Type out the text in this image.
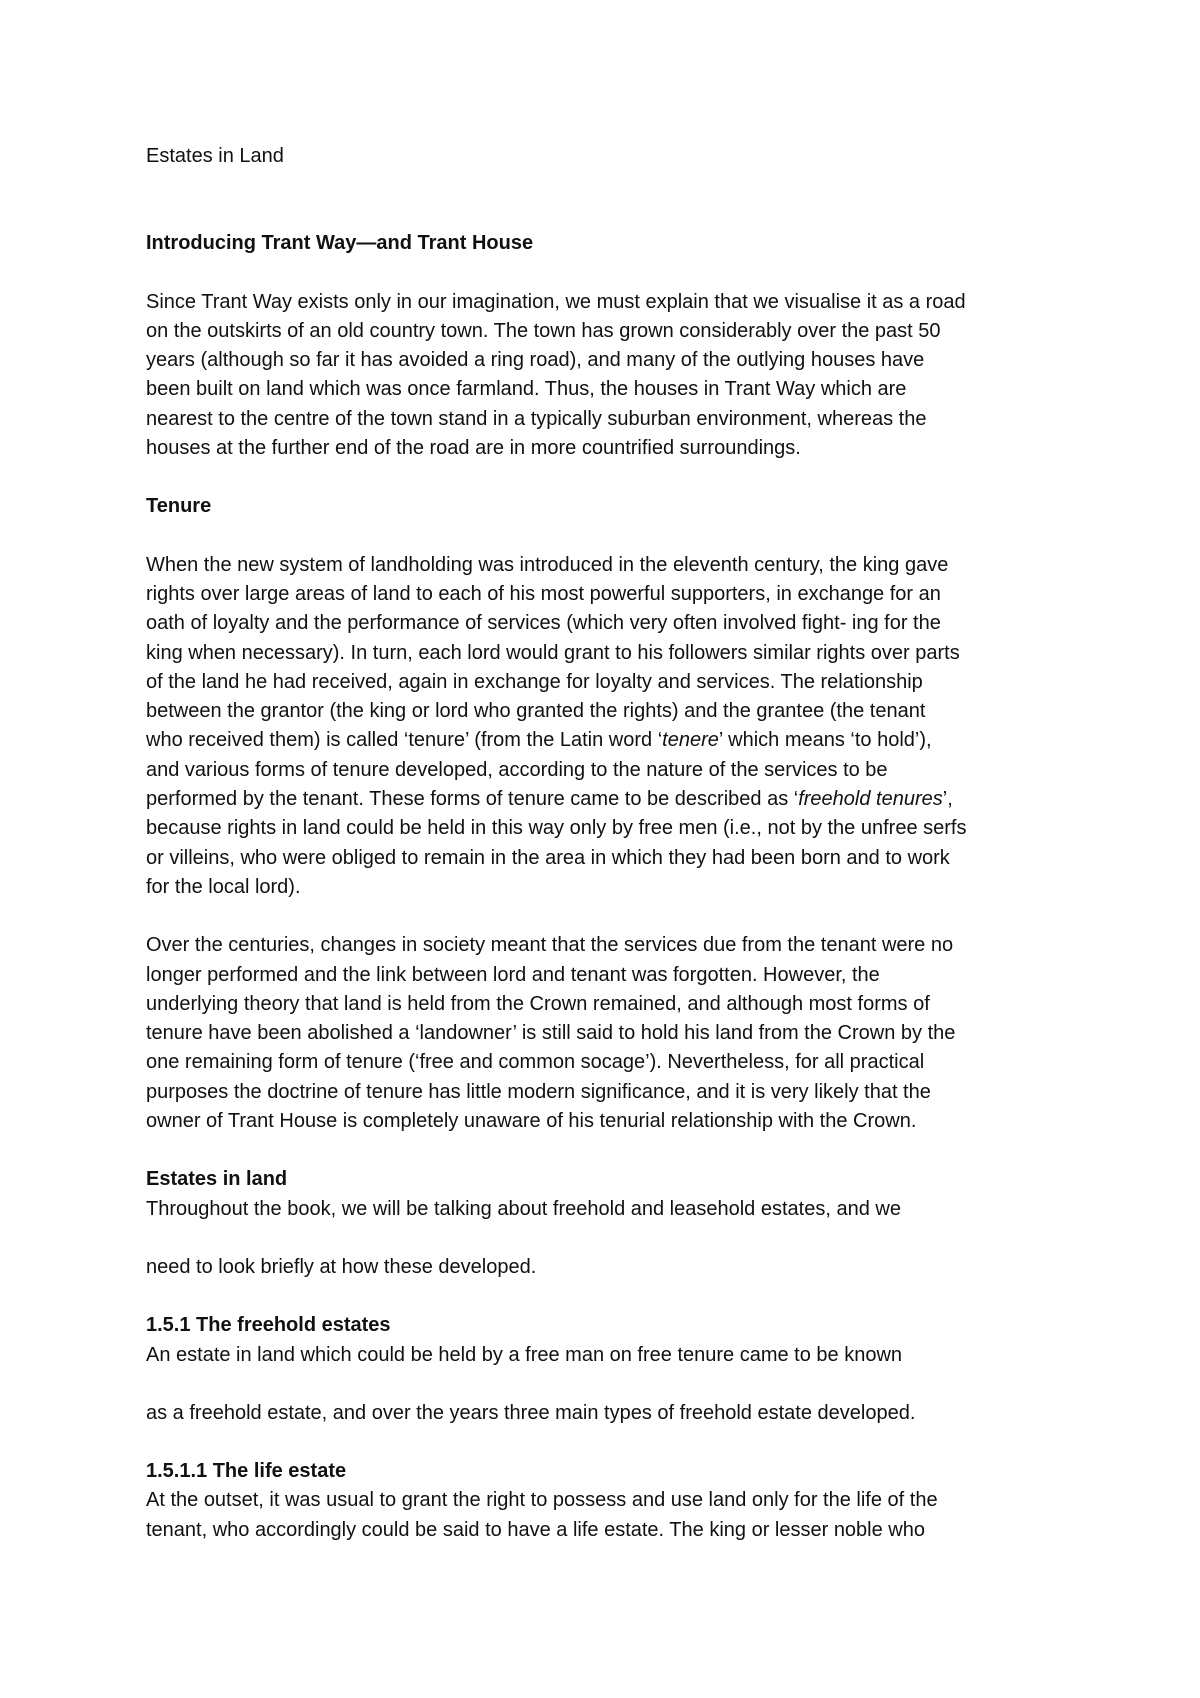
Estates in Land

Introducing Trant Way—and Trant House

Since Trant Way exists only in our imagination, we must explain that we visualise it as a road
on the outskirts of an old country town. The town has grown considerably over the past 50
years (although so far it has avoided a ring road), and many of the outlying houses have
been built on land which was once farmland. Thus, the houses in Trant Way which are
nearest to the centre of the town stand in a typically suburban environment, whereas the
houses at the further end of the road are in more countrified surroundings.

Tenure

When the new system of landholding was introduced in the eleventh century, the king gave
rights over large areas of land to each of his most powerful supporters, in exchange for an
oath of loyalty and the performance of services (which very often involved fight- ing for the
king when necessary). In turn, each lord would grant to his followers similar rights over parts
of the land he had received, again in exchange for loyalty and services. The relationship
between the grantor (the king or lord who granted the rights) and the grantee (the tenant
who received them) is called ‘tenure’ (from the Latin word ‘tenere’ which means ‘to hold’),
and various forms of tenure developed, according to the nature of the services to be
performed by the tenant. These forms of tenure came to be described as ‘freehold tenures’,
because rights in land could be held in this way only by free men (i.e., not by the unfree serfs
or villeins, who were obliged to remain in the area in which they had been born and to work
for the local lord).
Over the centuries, changes in society meant that the services due from the tenant were no
longer performed and the link between lord and tenant was forgotten. However, the
underlying theory that land is held from the Crown remained, and although most forms of
tenure have been abolished a ‘landowner’ is still said to hold his land from the Crown by the
one remaining form of tenure (‘free and common socage’). Nevertheless, for all practical
purposes the doctrine of tenure has little modern significance, and it is very likely that the
owner of Trant House is completely unaware of his tenurial relationship with the Crown.
Estates in land
Throughout the book, we will be talking about freehold and leasehold estates, and we
need to look briefly at how these developed.
1.5.1 The freehold estates
An estate in land which could be held by a free man on free tenure came to be known
as a freehold estate, and over the years three main types of freehold estate developed.
1.5.1.1 The life estate
At the outset, it was usual to grant the right to possess and use land only for the life of the
tenant, who accordingly could be said to have a life estate. The king or lesser noble who
